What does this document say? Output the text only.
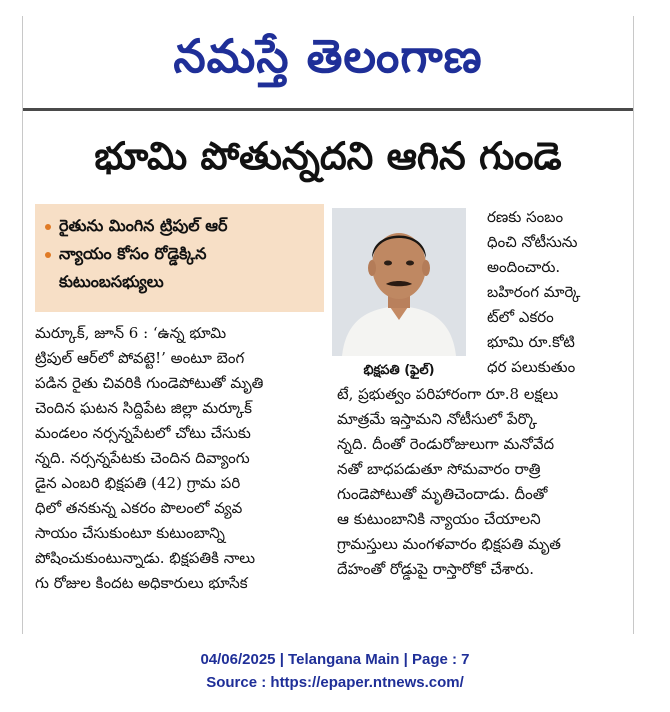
నమస్తే తెలంగాణ
భూమి పోతున్నదని ఆగిన గుండె
రైతును మింగిన ట్రిపుల్ ఆర్
న్యాయం కోసం రోడ్డెక్కిన
కుటుంబసభ్యులు
భిక్షపతి (ఫైల్)
మర్కూక్, జూన్ 6 : ‘ఉన్న భూమి
ట్రిపుల్ ఆర్‌లో పోవట్టె!’ అంటూ బెంగ
పడిన రైతు చివరికి గుండెపోటుతో మృతి
చెందిన ఘటన సిద్దిపేట జిల్లా మర్కూక్
మండలం నర్సన్నపేటలో చోటు చేసుకు
న్నది. నర్సన్నపేటకు చెందిన దివ్యాంగు
డైన ఎంబరి భిక్షపతి (42) గ్రామ పరి
ధిలో తనకున్న ఎకరం పొలంలో వ్యవ
సాయం చేసుకుంటూ కుటుంబాన్ని
పోషించుకుంటున్నాడు. భిక్షపతికి నాలు
గు రోజుల కిందట అధికారులు భూసేక
రణకు సంబం
ధించి నోటీసును
అందించారు.
బహిరంగ మార్కె
ట్‌లో ఎకరం
భూమి రూ.కోటి
ధర పలుకుతుం
టే, ప్రభుత్వం పరిహారంగా రూ.8 లక్షలు
మాత్రమే ఇస్తామని నోటీసులో పేర్కొ
న్నది. దీంతో రెండురోజులుగా మనోవేద
నతో బాధపడుతూ సోమవారం రాత్రి
గుండెపోటుతో మృతిచెందాడు. దీంతో
ఆ కుటుంబానికి న్యాయం చేయాలని
గ్రామస్తులు మంగళవారం భిక్షపతి మృత
దేహంతో రోడ్డుపై రాస్తారోకో చేశారు.
04/06/2025 | Telangana Main | Page : 7
Source : https://epaper.ntnews.com/
